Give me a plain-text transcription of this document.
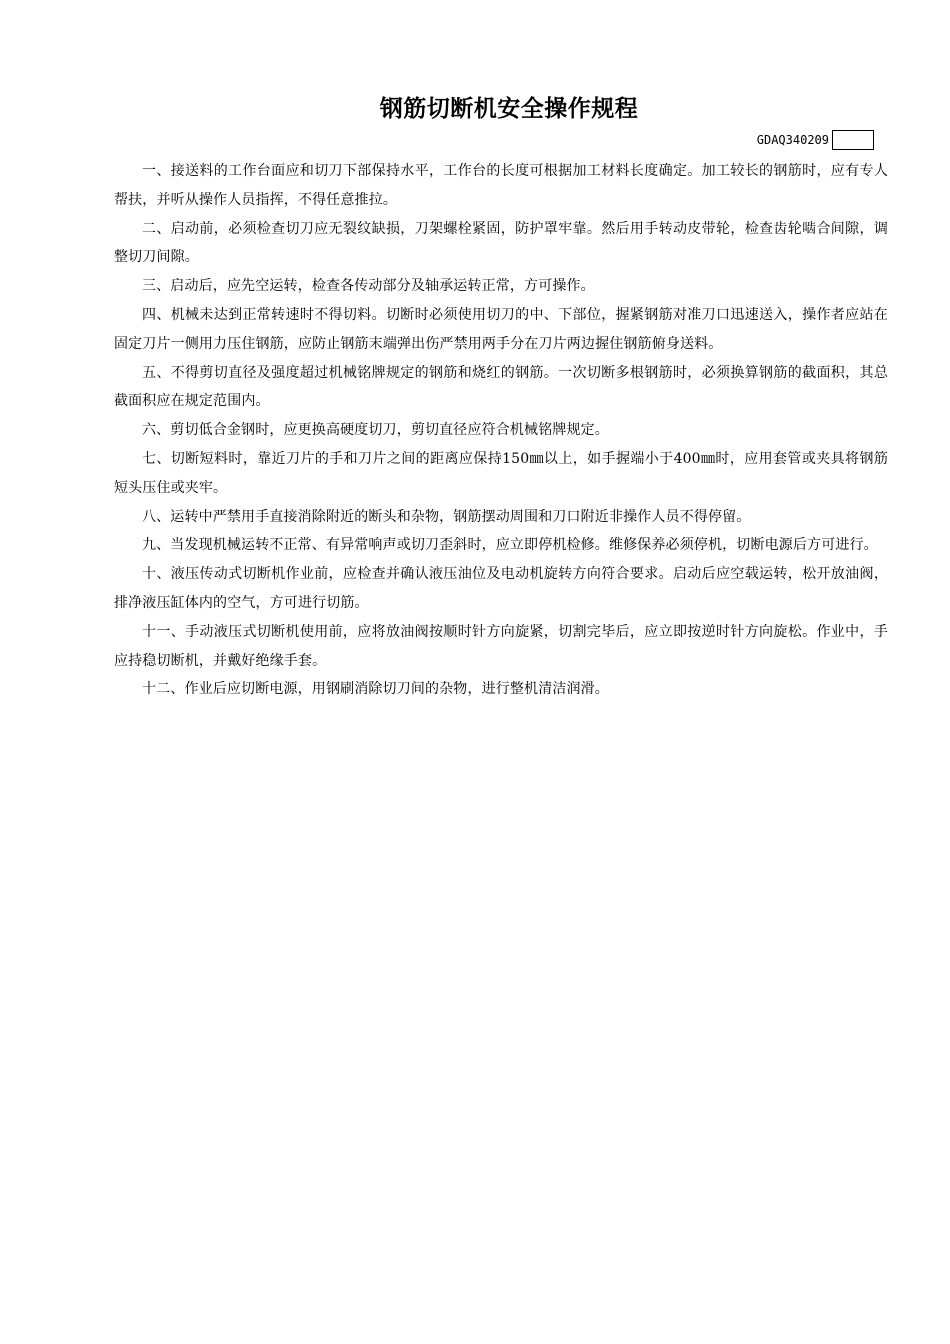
钢筋切断机安全操作规程
GDAQ340209

一、接送料的工作台面应和切刀下部保持水平，工作台的长度可根据加工材料长度确定。加工较长的钢筋时，应有专人帮扶，并听从操作人员指挥，不得任意推拉。

二、启动前，必须检查切刀应无裂纹缺损，刀架螺栓紧固，防护罩牢靠。然后用手转动皮带轮，检查齿轮啮合间隙，调整切刀间隙。

三、启动后，应先空运转，检查各传动部分及轴承运转正常，方可操作。

四、机械未达到正常转速时不得切料。切断时必须使用切刀的中、下部位，握紧钢筋对准刀口迅速送入，操作者应站在固定刀片一侧用力压住钢筋，应防止钢筋末端弹出伤严禁用两手分在刀片两边握住钢筋俯身送料。

五、不得剪切直径及强度超过机械铭牌规定的钢筋和烧红的钢筋。一次切断多根钢筋时，必须换算钢筋的截面积，其总截面积应在规定范围内。

六、剪切低合金钢时，应更换高硬度切刀，剪切直径应符合机械铭牌规定。

七、切断短料时，靠近刀片的手和刀片之间的距离应保持150㎜以上，如手握端小于400㎜时，应用套管或夹具将钢筋短头压住或夹牢。

八、运转中严禁用手直接消除附近的断头和杂物，钢筋摆动周围和刀口附近非操作人员不得停留。

九、当发现机械运转不正常、有异常响声或切刀歪斜时，应立即停机检修。维修保养必须停机，切断电源后方可进行。

十、液压传动式切断机作业前，应检查并确认液压油位及电动机旋转方向符合要求。启动后应空载运转，松开放油阀，排净液压缸体内的空气，方可进行切筋。

十一、手动液压式切断机使用前，应将放油阀按顺时针方向旋紧，切割完毕后，应立即按逆时针方向旋松。作业中，手应持稳切断机，并戴好绝缘手套。

十二、作业后应切断电源，用钢刷消除切刀间的杂物，进行整机清洁润滑。
